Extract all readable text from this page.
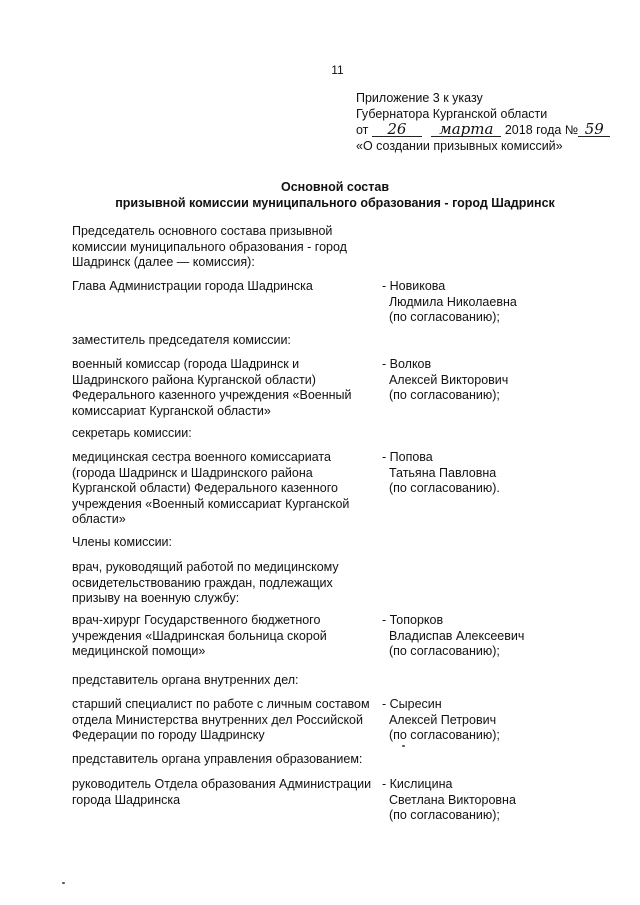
11
Приложение 3 к указу
Губернатора Курганской области
от 26 марта 2018 года № 59
«О создании призывных комиссий»
Основной состав
призывной комиссии муниципального образования - город Шадринск
Председатель основного состава призывной комиссии муниципального образования - город Шадринск (далее — комиссия):
Глава Администрации города Шадринска	- Новикова
Людмила Николаевна
(по согласованию);
заместитель председателя комиссии:
военный комиссар (города Шадринск и Шадринского района Курганской области) Федерального казенного учреждения «Военный комиссариат Курганской области»
- Волков
Алексей Викторович
(по согласованию);
секретарь комиссии:
медицинская сестра военного комиссариата (города Шадринск и Шадринского района Курганской области) Федерального казенного учреждения «Военный комиссариат Курганской области»
- Попова
Татьяна Павловна
(по согласованию).
Члены комиссии:
врач, руководящий работой по медицинскому освидетельствованию граждан, подлежащих призыву на военную службу:
врач-хирург Государственного бюджетного учреждения «Шадринская больница скорой медицинской помощи»
- Топорков
Владиспав Алексеевич
(по согласованию);
представитель органа внутренних дел:
старший специалист по работе с личным составом отдела Министерства внутренних дел Российской Федерации по городу Шадринску
- Сыресин
Алексей Петрович
(по согласованию);
представитель органа управления образованием:
руководитель Отдела образования Администрации города Шадринска
- Кислицина
Светлана Викторовна
(по согласованию);
